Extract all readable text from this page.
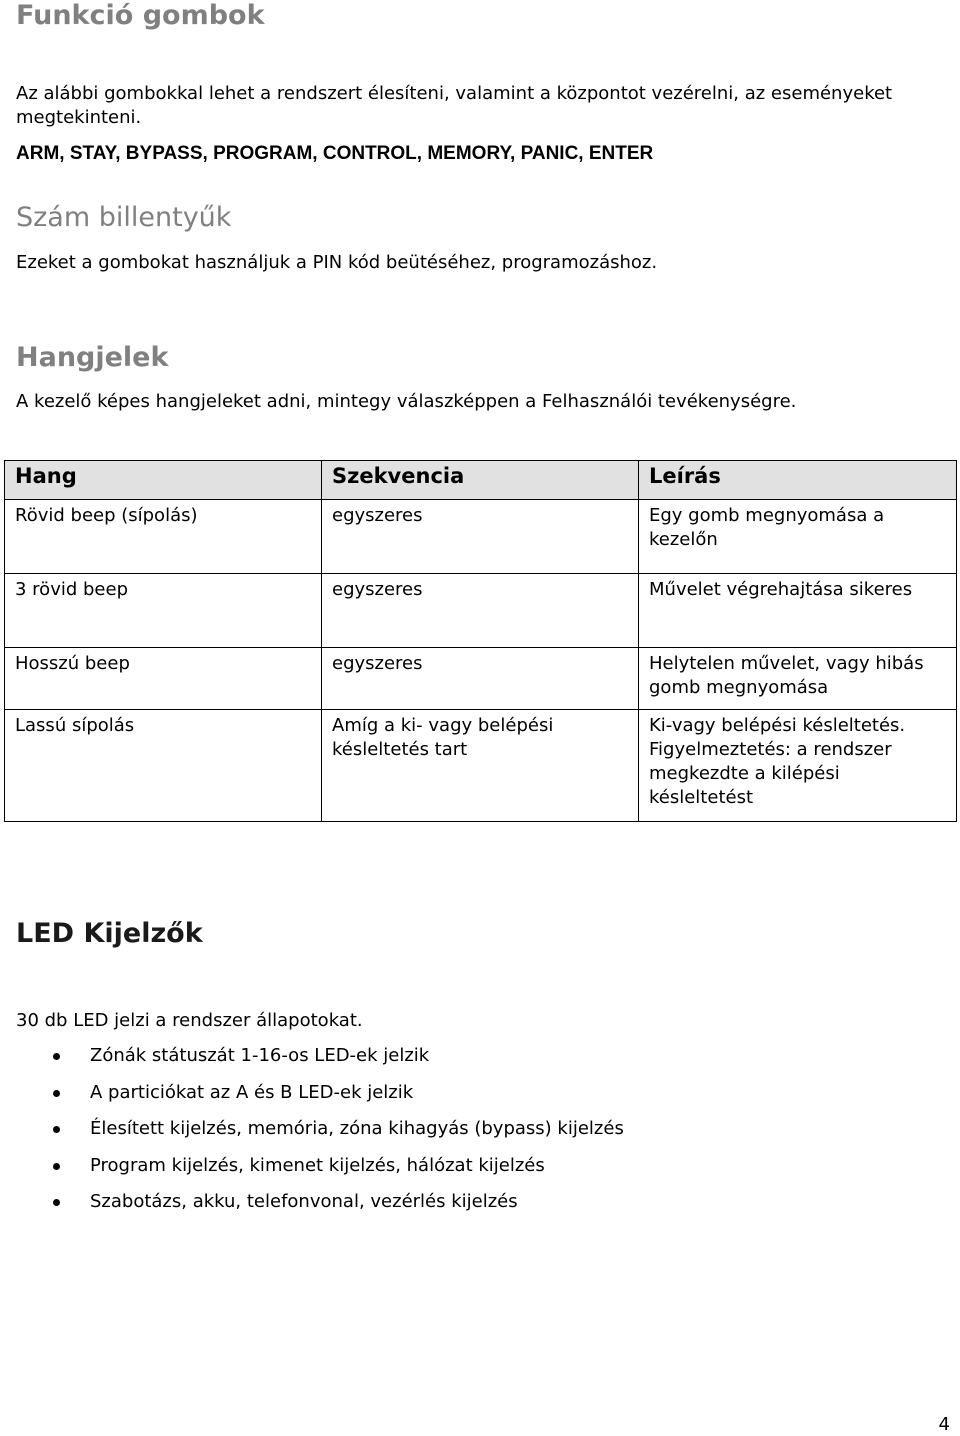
Funkció gombok

Az alábbi gombokkal lehet a rendszert élesíteni, valamint a központot vezérelni, az eseményeket megtekinteni.

ARM, STAY, BYPASS, PROGRAM, CONTROL, MEMORY, PANIC, ENTER

Szám billentyűk

Ezeket a gombokat használjuk a PIN kód beütéséhez, programozáshoz.

Hangjelek

A kezelő képes hangjeleket adni, mintegy válaszképpen a Felhasználói tevékenységre.

Hang	Szekvencia	Leírás
Rövid beep (sípolás)	egyszeres	Egy gomb megnyomása a kezelőn
3 rövid beep	egyszeres	Művelet végrehajtása sikeres
Hosszú beep	egyszeres	Helytelen művelet, vagy hibás gomb megnyomása
Lassú sípolás	Amíg a ki- vagy belépési késleltetés tart	Ki-vagy belépési késleltetés. Figyelmeztetés: a rendszer megkezdte a kilépési késleltetést
LED Kijelzők

30 db LED jelzi a rendszer állapotokat.

Zónák státuszát 1-16-os LED-ek jelzik
A particiókat az A és B LED-ek jelzik
Élesített kijelzés, memória, zóna kihagyás (bypass) kijelzés
Program kijelzés, kimenet kijelzés, hálózat kijelzés
Szabotázs, akku, telefonvonal, vezérlés kijelzés
4
